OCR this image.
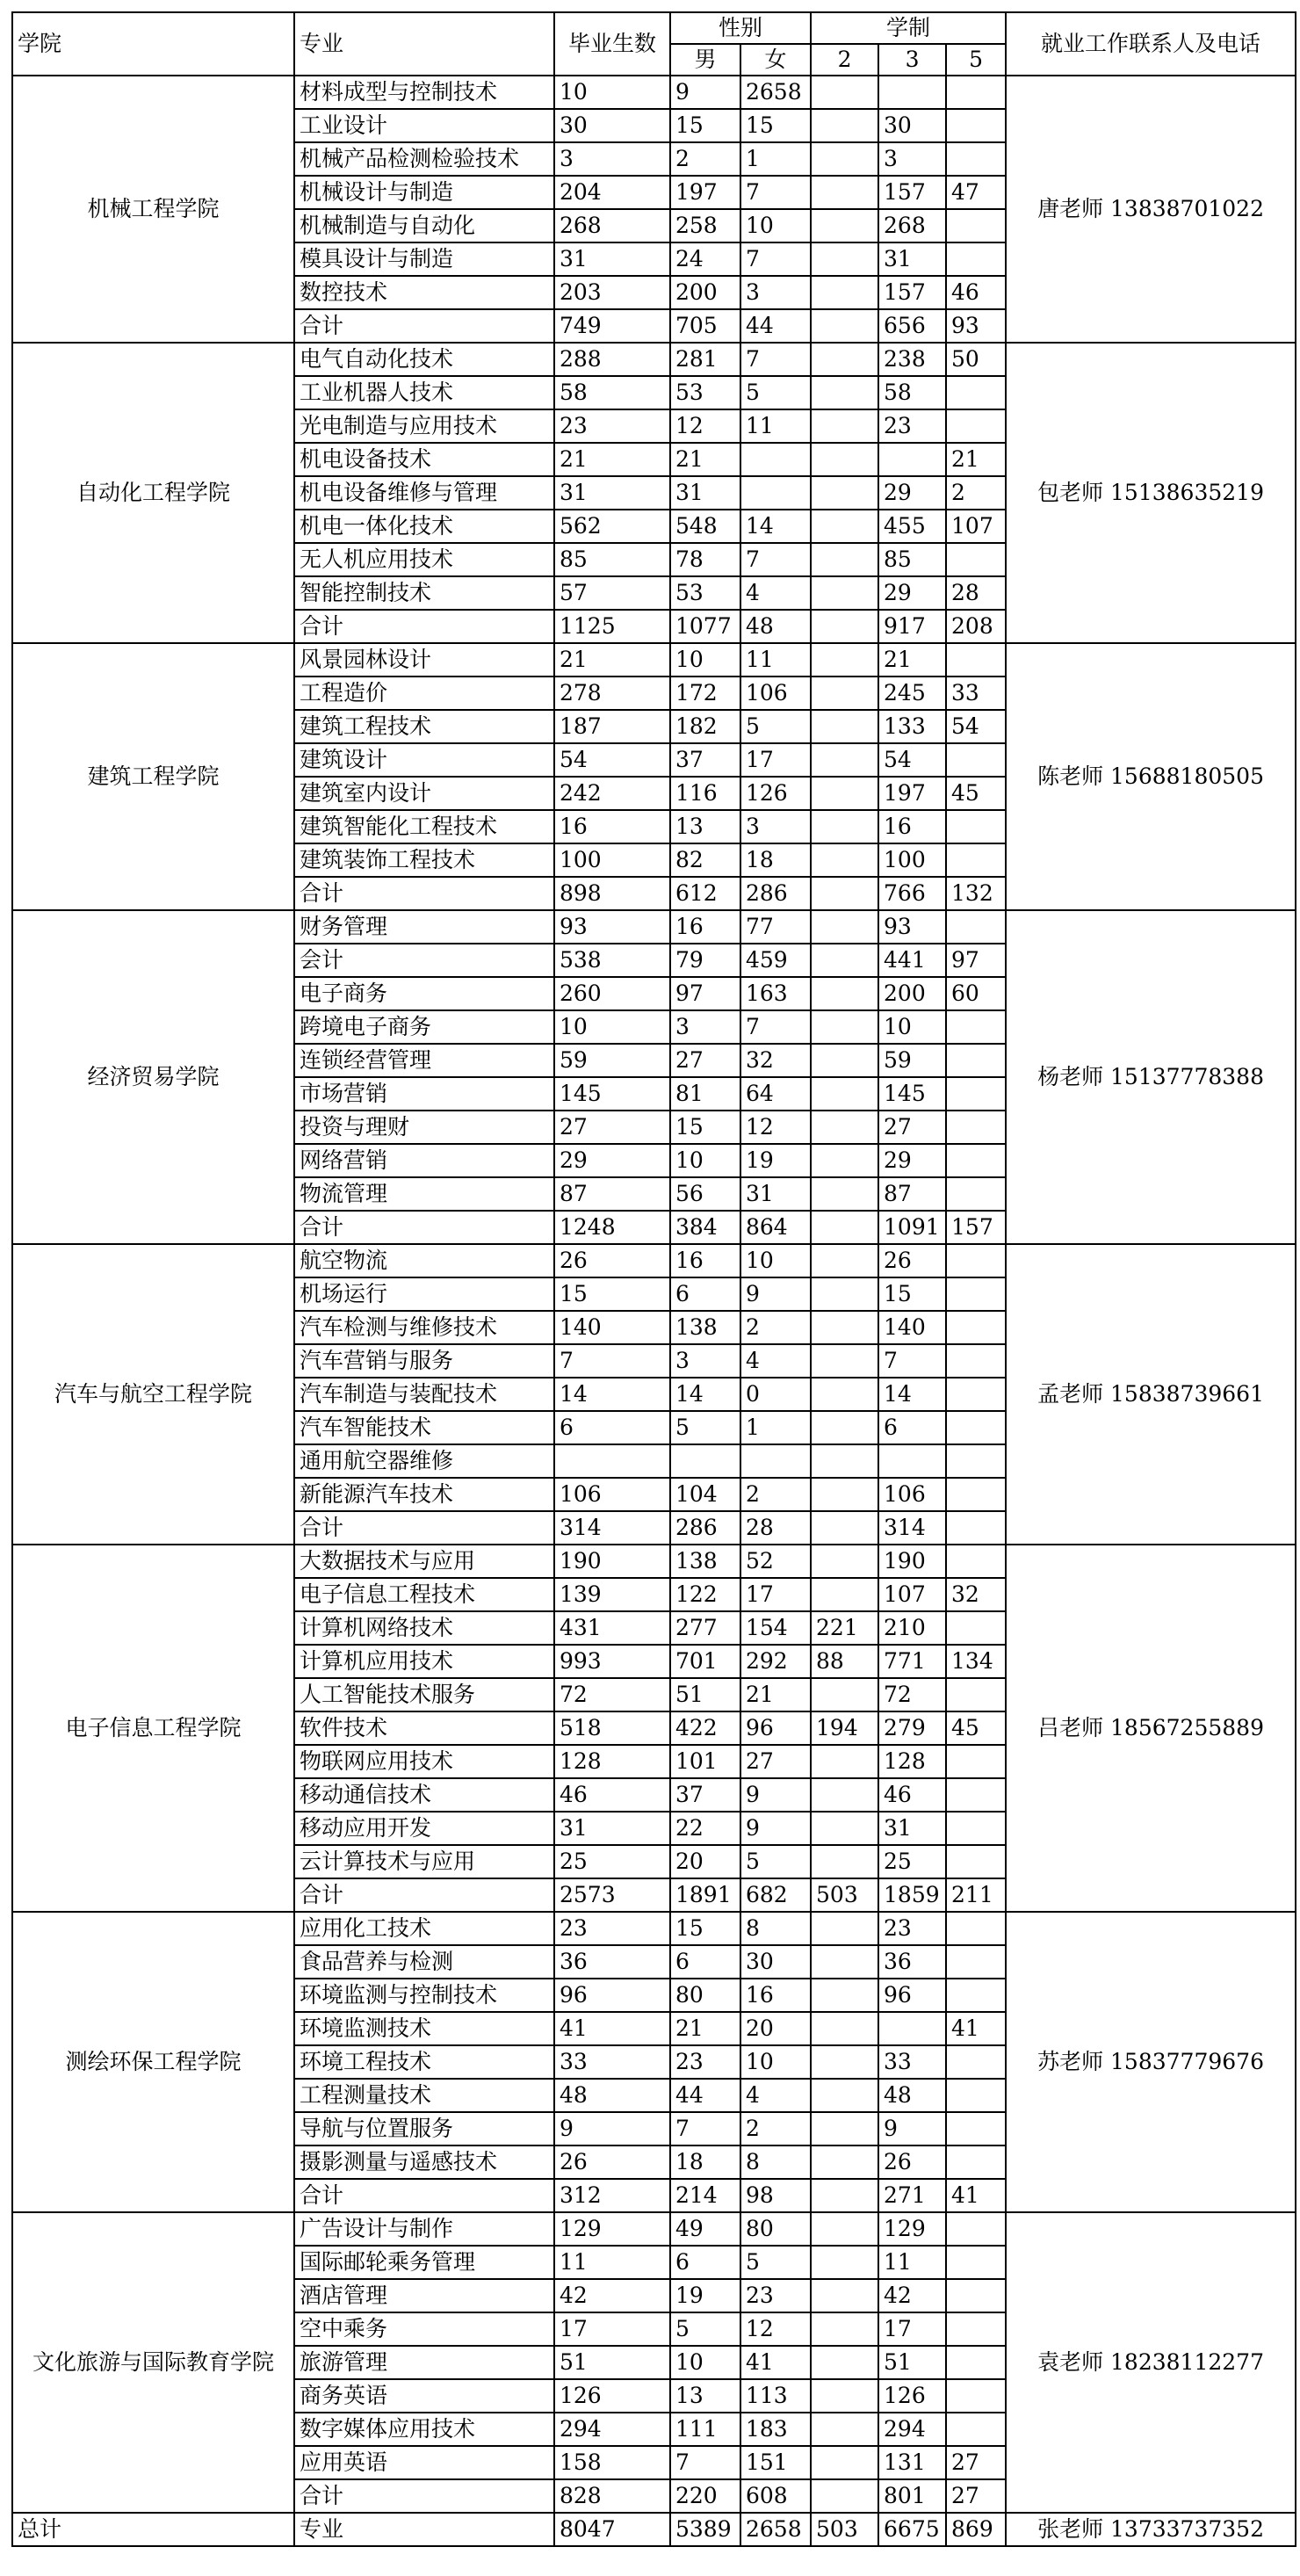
学院	专业	毕业生数	性别		学制			就业工作联系人及电话
			男	女	2	3	5	
机械工程学院	材料成型与控制技术	10	9	2658				唐老师 13838701022
	工业设计	30	15	15		30		
	机械产品检测检验技术	3	2	1		3		
	机械设计与制造	204	197	7		157	47	
	机械制造与自动化	268	258	10		268		
	模具设计与制造	31	24	7		31		
	数控技术	203	200	3		157	46	
	合计	749	705	44		656	93	
自动化工程学院	电气自动化技术	288	281	7		238	50	包老师 15138635219
	工业机器人技术	58	53	5		58		
	光电制造与应用技术	23	12	11		23		
	机电设备技术	21	21				21	
	机电设备维修与管理	31	31			29	2	
	机电一体化技术	562	548	14		455	107	
	无人机应用技术	85	78	7		85		
	智能控制技术	57	53	4		29	28	
	合计	1125	1077	48		917	208	
建筑工程学院	风景园林设计	21	10	11		21		陈老师 15688180505
	工程造价	278	172	106		245	33	
	建筑工程技术	187	182	5		133	54	
	建筑设计	54	37	17		54		
	建筑室内设计	242	116	126		197	45	
	建筑智能化工程技术	16	13	3		16		
	建筑装饰工程技术	100	82	18		100		
	合计	898	612	286		766	132	
经济贸易学院	财务管理	93	16	77		93		杨老师 15137778388
	会计	538	79	459		441	97	
	电子商务	260	97	163		200	60	
	跨境电子商务	10	3	7		10		
	连锁经营管理	59	27	32		59		
	市场营销	145	81	64		145		
	投资与理财	27	15	12		27		
	网络营销	29	10	19		29		
	物流管理	87	56	31		87		
	合计	1248	384	864		1091	157	
汽车与航空工程学院	航空物流	26	16	10		26		孟老师 15838739661
	机场运行	15	6	9		15		
	汽车检测与维修技术	140	138	2		140		
	汽车营销与服务	7	3	4		7		
	汽车制造与装配技术	14	14	0		14		
	汽车智能技术	6	5	1		6		
	通用航空器维修							
	新能源汽车技术	106	104	2		106		
	合计	314	286	28		314		
电子信息工程学院	大数据技术与应用	190	138	52		190		吕老师 18567255889
	电子信息工程技术	139	122	17		107	32	
	计算机网络技术	431	277	154	221	210		
	计算机应用技术	993	701	292	88	771	134	
	人工智能技术服务	72	51	21		72		
	软件技术	518	422	96	194	279	45	
	物联网应用技术	128	101	27		128		
	移动通信技术	46	37	9		46		
	移动应用开发	31	22	9		31		
	云计算技术与应用	25	20	5		25		
	合计	2573	1891	682	503	1859	211	
测绘环保工程学院	应用化工技术	23	15	8		23		苏老师 15837779676
	食品营养与检测	36	6	30		36		
	环境监测与控制技术	96	80	16		96		
	环境监测技术	41	21	20			41	
	环境工程技术	33	23	10		33		
	工程测量技术	48	44	4		48		
	导航与位置服务	9	7	2		9		
	摄影测量与遥感技术	26	18	8		26		
	合计	312	214	98		271	41	
文化旅游与国际教育学院	广告设计与制作	129	49	80		129		袁老师 18238112277
	国际邮轮乘务管理	11	6	5		11		
	酒店管理	42	19	23		42		
	空中乘务	17	5	12		17		
	旅游管理	51	10	41		51		
	商务英语	126	13	113		126		
	数字媒体应用技术	294	111	183		294		
	应用英语	158	7	151		131	27	
	合计	828	220	608		801	27	
总计	专业	8047	5389	2658	503	6675	869	张老师 13733737352
